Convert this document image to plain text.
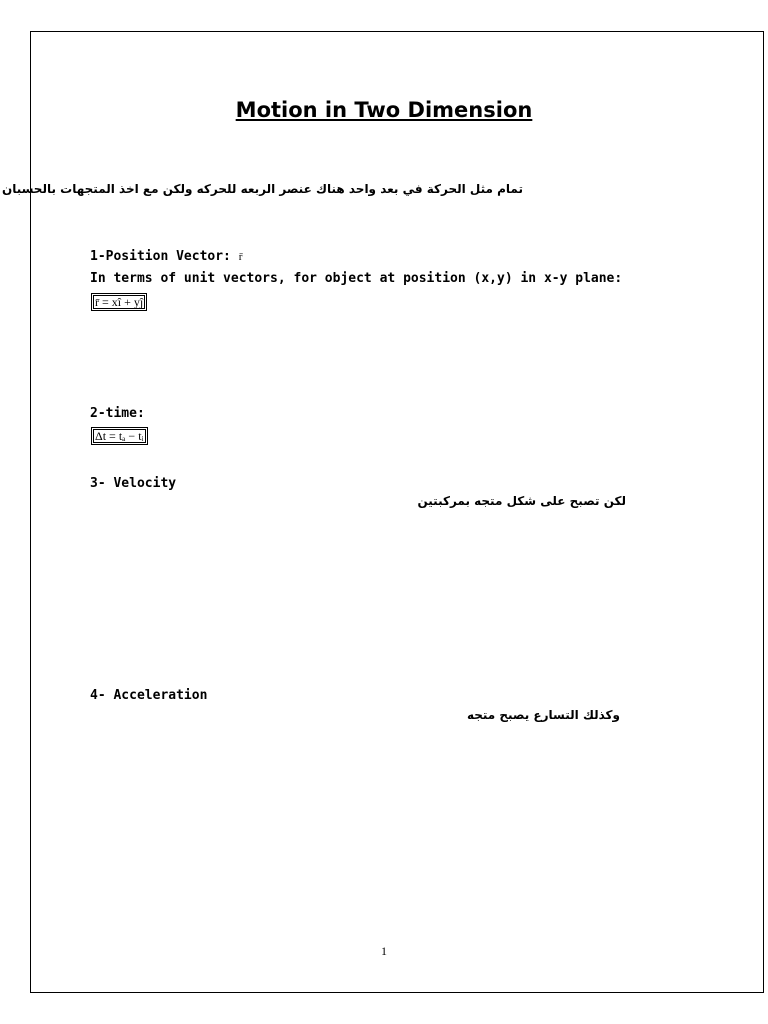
Motion in Two Dimension
تمام مثل الحركة في بعد واحد هناك عنصر الربعه للحركه ولكن مع اخذ المتجهات بالحسبان
1-Position Vector: r̄
In terms of unit vectors, for object at position (x,y) in x-y plane:
r̄ = xî + yĵ
2-time:
Δt = tₐ − tᵢ
3- Velocity
لكن تصبح على شكل متجه بمركبتين
4- Acceleration
وكذلك التسارع يصبح متجه
1
